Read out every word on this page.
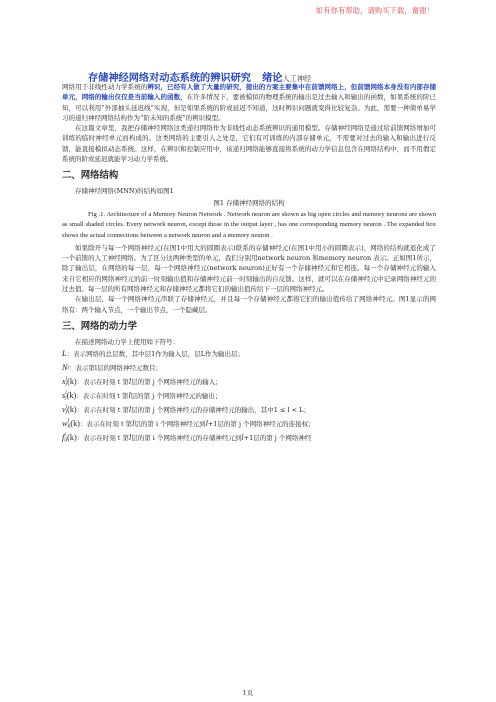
如有你有帮助，请购买下载，谢谢！
存储神经网络对动态系统的辨识研究 绪论人工神经

网络用于非线性动力学系统的辨识，已经有人做了大量的研究，提出的方案主要集中在前馈网络上，但前馈网络本身没有内部存储单元，网络的输出仅仅是当前输入的函数，在许多情况下，要被模拟的物理系统的输出是过去输入和输出的函数，如果系统的阶已知，可以利用“外部抽头延迟线”实现，但是如果系统的阶或延迟不知道，这时辨识问题就变得比较复杂。为此，需要一种简单易学习的递归神经网络结构作为“阶未知的系统”的辨识模型。

在这篇文章里，我把存储神经网络这类递归网络作为非线性动态系统辨识的通用模型。存储神经网络是通过给前馈网络增加可训练的临时神经单元而构成的。这类网络的主要引人之处是，它们有可训练的内部存储单元，不需要对过去的输入和输出进行反馈，能直接模拟动态系统。这样，在辨识和控制应用中，该递归网络能够直接将系统的动力学信息包含在网络结构中，而不用假定系统的阶或延迟就能学习动力学系统。

二、网络结构

存储神经网络(MNN)的结构如图1

图1 存储神经网络的结构

Fig .1. Architecture of a Memory Neuron Network . Network neuron are shown as big open circles and memory neurons are shown as small shaded circles. Every network neuron, except those in the output layer , has one corresponding memory neuron . The expanded box shows the actual connections between a network neuron and a memory neuron .

如果除开与每一个网络神经元(在图1中用大的圆圈表示)联系的存储神经元(在图1中用小的圆圈表示)，网络的结构就退化成了一个前馈的人工神经网络。为了区分这两种类型的单元，我们分别用network neuron 和memory neuron 表示。正如图1所示，除了输出层，在网络的每一层，每一个网络神经元(network neuron)正好有一个存储神经元和它相连。每一个存储神经元的输入来自它相应的网络神经元的前一时刻输出值和存储神经元前一时刻输出的自反馈。这样，就可以在存储神经元中记录网络神经元的过去值。每一层的所有网络神经元和存储神经元都将它们的输出值传给下一层的网络神经元。

在输出层，每一个网络神经元串联了存储神经元，并且每一个存储神经元都将它们的输出值传给了网络神经元。图1显示的网络有：两个输入节点，一个输出节点，一个隐藏层。

三、网络的动力学

在描述网络动力学上使用如下符号：

L：表示网络的总层数，其中层1作为输入层，层L作为输出层；

N l ：表示第l层的网络神经元数目；

x l
j (k)：表示在时刻 t 第l层的第 j 个网络神经元的输入；

s l
j (k)：表示在时刻 t 第l层的第 j 个网络神经元的输出；

v l
j (k)：表示在时刻 t 第l层的第 j 个网络神经元的存储神经元的输出，其中1 ≤ l < L；

w l
ij (k)：表示在时刻 t 第l层的第 i 个网络神经元到l+1层的第 j 个网络神经元的连接权；

f l
ij (k)：表示在时刻 t 第l层的第 i 个网络神经元的存储神经元到l+1层的第 j 个网络神经

1页
